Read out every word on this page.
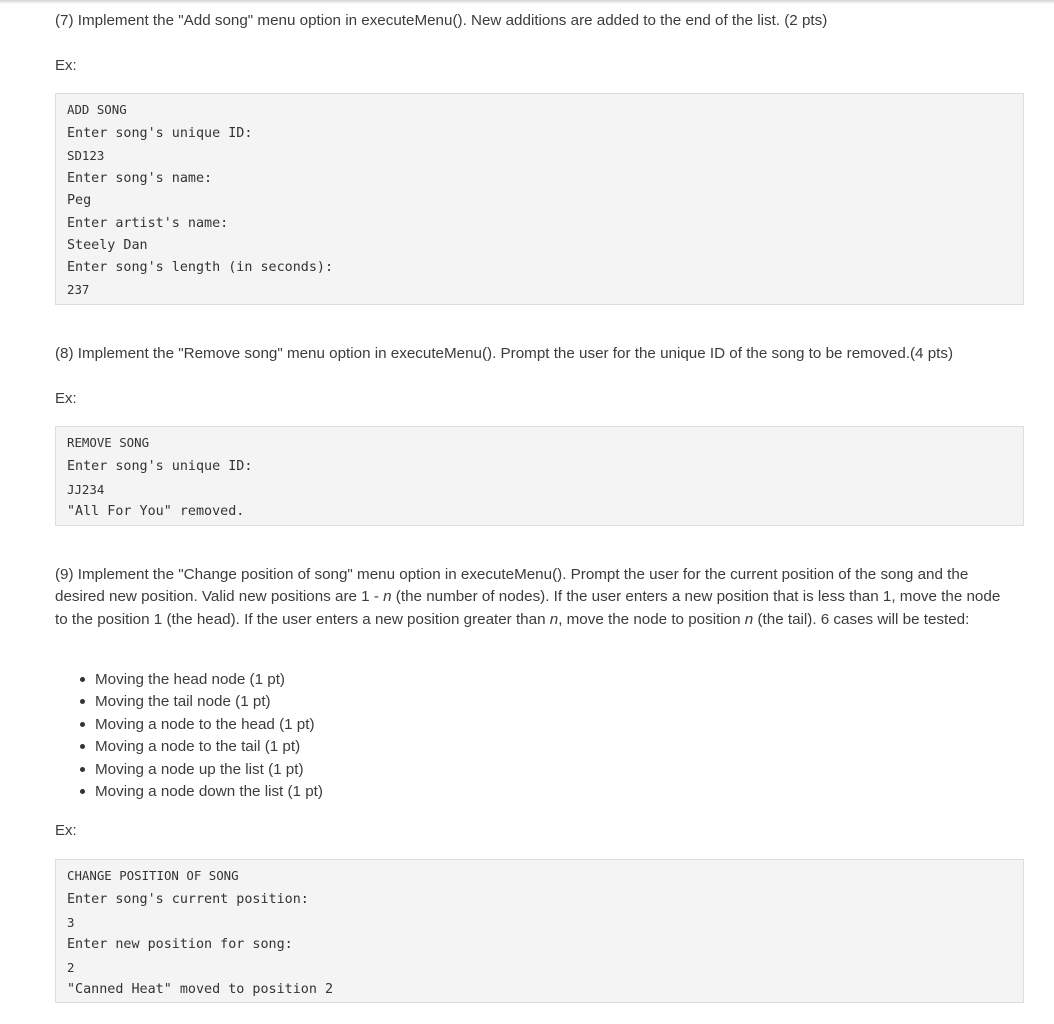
(7) Implement the "Add song" menu option in executeMenu(). New additions are added to the end of the list. (2 pts)

Ex:

ADD SONG
Enter song's unique ID:
SD123
Enter song's name:
Peg
Enter artist's name:
Steely Dan
Enter song's length (in seconds):
237

(8) Implement the "Remove song" menu option in executeMenu(). Prompt the user for the unique ID of the song to be removed.(4 pts)

Ex:

REMOVE SONG
Enter song's unique ID:
JJ234
"All For You" removed.

(9) Implement the "Change position of song" menu option in executeMenu(). Prompt the user for the current position of the song and the desired new position. Valid new positions are 1 - n (the number of nodes). If the user enters a new position that is less than 1, move the node to the position 1 (the head). If the user enters a new position greater than n, move the node to position n (the tail). 6 cases will be tested:

Moving the head node (1 pt)
Moving the tail node (1 pt)
Moving a node to the head (1 pt)
Moving a node to the tail (1 pt)
Moving a node up the list (1 pt)
Moving a node down the list (1 pt)

Ex:

CHANGE POSITION OF SONG
Enter song's current position:
3
Enter new position for song:
2
"Canned Heat" moved to position 2
